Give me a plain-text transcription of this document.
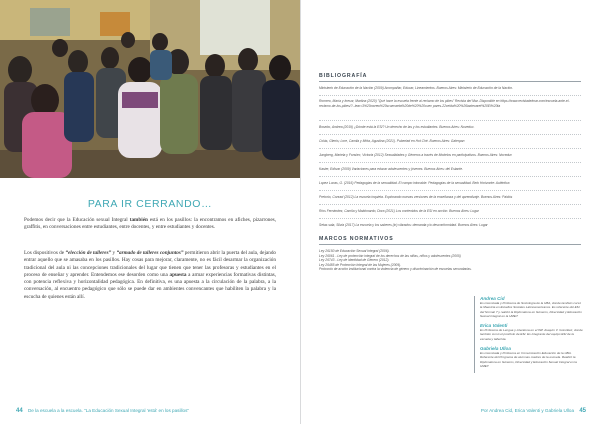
PARA IR CERRANDO…

Podemos decir que la Educación sexual Integral también está en los pasillos: la encontramos en afiches, pizarrones, graffitis, en conversaciones entre estudiantes, entre docentes, y entre estudiantes y docentes.

Los dispositivos de “elección de talleres” y “armado de talleres conjuntos” permitieron abrir la puerta del aula, dejando entrar aquello que se amasaba en los pasillos. Hay cosas para mejorar, claramente, no es fácil desarmar la organización tradicional del aula ni las concepciones tradicionales del lugar que tienen que tener las profesoras y estudiantes en el proceso de enseñar y aprender. Entendemos ese desorden como una apuesta a armar experiencias formativas distintas, con potencia reflexiva y horizontalidad pedagógica. En definitiva, es una apuesta a la circulación de la palabra, a la conversación, al encuentro pedagógico que sólo se puede dar en ambientes convencantes que habiliten la palabra y la escucha de quienes están allí.

44 De la escuela a la escuela. "La Educación Sexual Integral 'está' en los pasillos"
BIBLIOGRAFÍA
Ministerio de Educación de la Nación (2009) Acompañar, Educar, Lineamientos. Buenos Aires: Ministerio de Educación de la Nación.
Romero, María y Inesor, Martina (2020) "Qué hace la escuela frente al reclamo de los pibes" Revista del Mar. Disponible en https://www.revistadelmar.com/escuela-ante-el-reclamo-de-los-pibes/?--lear=3%20cwrew%20scuecaeta%20de%20%20cuec pares-22celda%20%26iaxtecaret%20Ei%20ta
Bosebo, Andrea (2019) ¿Dónde está la ESI? Un derecho de las y los estudiantes. Buenos Aires: Noveduc.
Colás, Glenis; Lore, Camila y Mirta, Agustina (2021). Pubertad en Hot Ché. Buenos Aires: Galerpan
Jungberg, Mariela y Fonslec, Victoria (2012) Sexualidades y Géneros a través de Modelos en participativos. Buenos Aires: Noveduc
Kaster, Edison (2009) Variaciones para educar adolescentes y jóvenes. Buenos Aires: del Estante.
Lopez Lucas, G. (2016) Pedagogías de la sexualidad. El campo intocable. Pedagogías de la sexualidad. Belo Horizonte: Autêntica
Pretorio, Conrad (2012) La escuela inquieta. Explorando nuevas versiones de la enseñanza y del aprendizaje. Buenos Aires: Paidós
Ríos Fernández, Camila y Maldonardo, Dora (2021) Los contenidos de la ESI en acción. Buenos Aires: Lugar
Setas sala, Silvia (2017) La escuela y los saberes (in) vibrados: demanda y/o desconformidad. Buenos Aires: Lugar
MARCOS NORMATIVOS
Ley 26150 de Educación Sexual Integral (2006).
Ley 26061 - Ley de protección integral de los derechos de las niñas, niños y adolescentes (2005)
Ley 26743 - Ley de identidad de Género (2012).
Ley 26485 de Protección Integral de las Mujeres (2009).
Protocolo de acción institucional contra la violencia de género y discriminación de escuelas secundarias.
Andrea Cid
Es Licenciada y Profesora de Sociología de la UBA, donde también cursó la Maestría en Estudios Sociales Latinoamericanos. Es referente del ESI del Normal 7 y realizó la Diplomatura en Géneros, Diversidad y Educación Sexual Integral en la UMET.
Erica Valenti
Es Profesora de Lengua y Literatura en el ISP Joaquín V. González, donde también cursó el postítulo de ESI. Es integrante del equipo ESI de la escuela y tallerista.
Gabriela Ulloa
Es Licenciada y Profesora en Comunicación Educación de la UBA. Referente del Programa de alumnas madres de la escuela. Realizó la Diplomatura en Géneros, Diversidad y Educación Sexual Integral en la UMET.
Por Andrea Cid, Erica Valenti y Gabriela Ulloa 45
